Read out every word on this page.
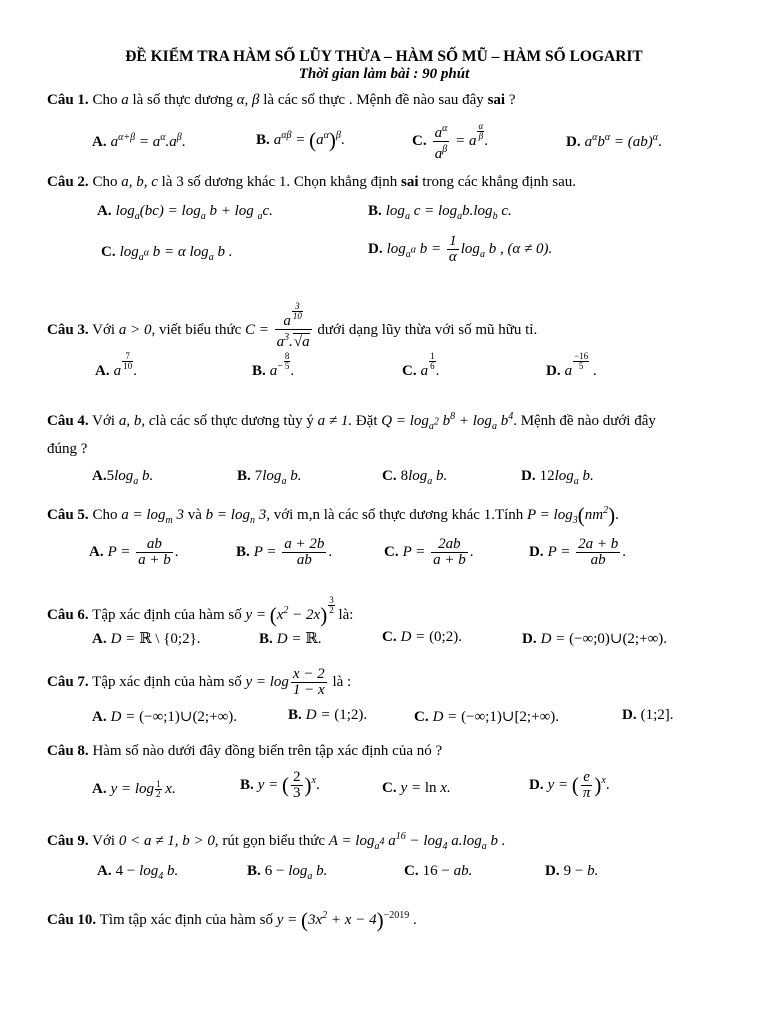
ĐỀ KIỂM TRA HÀM SỐ LŨY THỪA – HÀM SỐ MŨ – HÀM SỐ LOGARIT
Thời gian làm bài : 90 phút
Câu 1. Cho a là số thực dương α, β là các số thực . Mệnh đề nào sau đây sai ?
A. $a^{\alpha+\beta} = a^\alpha.a^\beta$.	B. $a^{\alpha\beta} = (a^\alpha)^\beta$.	C. $\frac{a^\alpha}{a^\beta} = a \frac{\alpha}{\beta}$ .	D. $a^\alpha b^\alpha = (ab)^\alpha$.
Câu 2. Cho a, b, c là 3 số dương khác 1. Chọn khẳng định sai trong các khẳng định sau.
A. $\log_a(bc) = \log_a b + \log _ac$.	B. $\log_a c = \log_ab.\log_b$ c.
C. $\log_{a^\alpha} b = \alpha$ $\log_a b$ .	D. $\log_{a^\alpha} b = \frac{1}{\alpha} \log_a b$ , (α ≠ 0).
Câu 3. Với a > 0, viết biểu thức $C = \frac{a \frac{3}{10}}{a^3.√a}$ dưới dạng lũy thừa với số mũ hữu tỉ.
A. a $\frac{7}{10}$ .	B. $a^- \frac{8}{5}$ .	C. a $\frac{1}{6}$ .	D. a $\frac{-16}{5}$ .
Câu 4. Với a, b, clà các số thực dương tùy ý a ≠ 1. Đặt $Q = \log_{a^2} b^8 + \log_a b^4$. Mệnh đề nào dưới đây
đúng ?
$A.5\log_a$ b.	B. $7\log_a$ b.	C. $8\log_a$ b.	D. $12\log_a$ b.
Câu 5. Cho $a = \log_m 3$ và $b = \log_n 3$, với m,n là các số thực dương khác 1.Tính $P = \log_3(nm^2)$.
A. $P = \frac{ab}{a + b}$ .	B. $P = \frac{a + 2b}{ab}$ .	C. $P = \frac{2ab}{a + b}$ .	D. $P = \frac{2a + b}{ab}$ .
Câu 6. Tập xác định của hàm số $y = (x^2 - 2x) \frac{3}{2}$ là:
A. D = ℝ \ {0;2}.	B. D = ℝ.	C. D = (0;2).	D. D = (−∞;0)∪(2;+∞).
Câu 7. Tập xác định của hàm số $y = \log \frac{x - 2}{1 - x}$ là :
A. D = (−∞;1)∪(2;+∞).	B. D = (1;2).	C. D = (−∞;1)∪[2;+∞).	D. (1;2].
Câu 8. Hàm số nào dưới đây đồng biến trên tập xác định của nó ?
A. $y = \log \frac{1}{2} x$.	B. y = ( $\frac{2}{3} )^x$.	C. y = ln x.	D. y = ( $\frac{e}{\pi} )^x$.
Câu 9. Với 0 < a ≠ 1, b > 0, rút gọn biểu thức $A = \log_{a^4} a^{16} - \log_4 a.\log_a$ b .
A. $4 - \log_4 b$.	B. $6 - \log_a b$.	C. 16 − ab.	D. 9 − b.
Câu 10. Tìm tập xác định của hàm số $y = (3x^2 + x - 4)^{-2019}$ .
